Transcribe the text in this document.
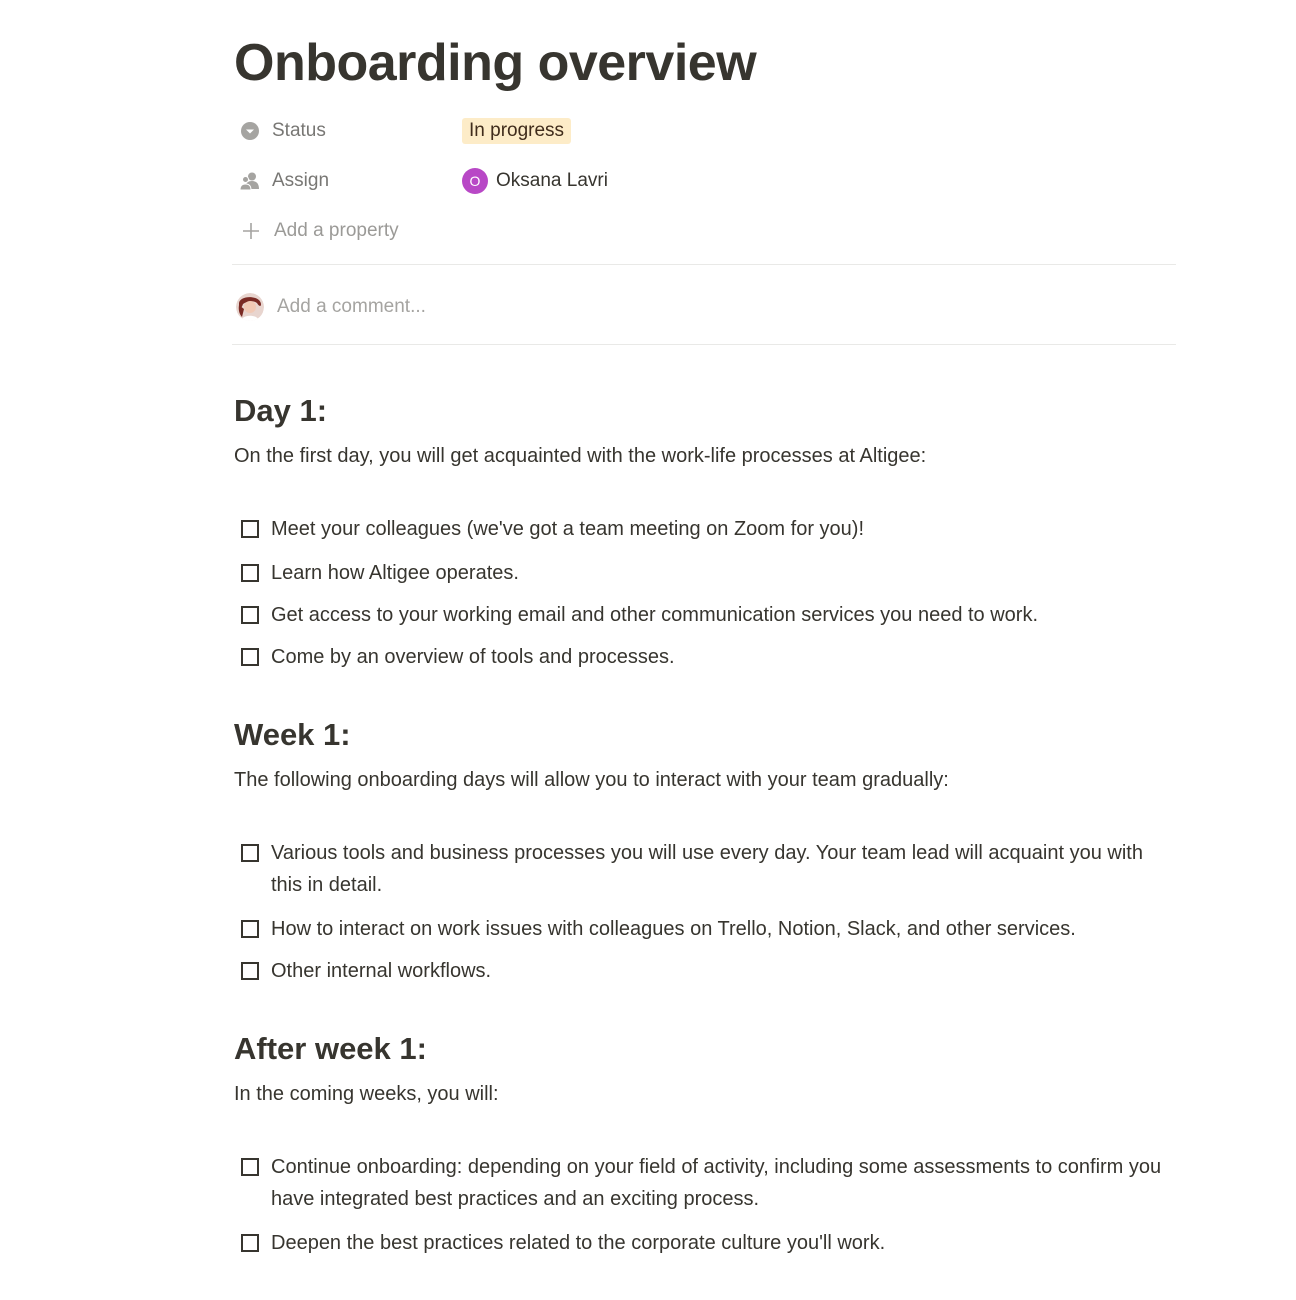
Onboarding overview
Status	In progress
Assign	O Oksana Lavri
Add a property
Add a comment...
Day 1:

On the first day, you will get acquainted with the work-life processes at Altigee:

Meet your colleagues (we've got a team meeting on Zoom for you)!
Learn how Altigee operates.
Get access to your working email and other communication services you need to work.
Come by an overview of tools and processes.
Week 1:

The following onboarding days will allow you to interact with your team gradually:

Various tools and business processes you will use every day. Your team lead will acquaint you with this in detail.
How to interact on work issues with colleagues on Trello, Notion, Slack, and other services.
Other internal workflows.
After week 1:

In the coming weeks, you will:

Continue onboarding: depending on your field of activity, including some assessments to confirm you have integrated best practices and an exciting process.
Deepen the best practices related to the corporate culture you'll work.
